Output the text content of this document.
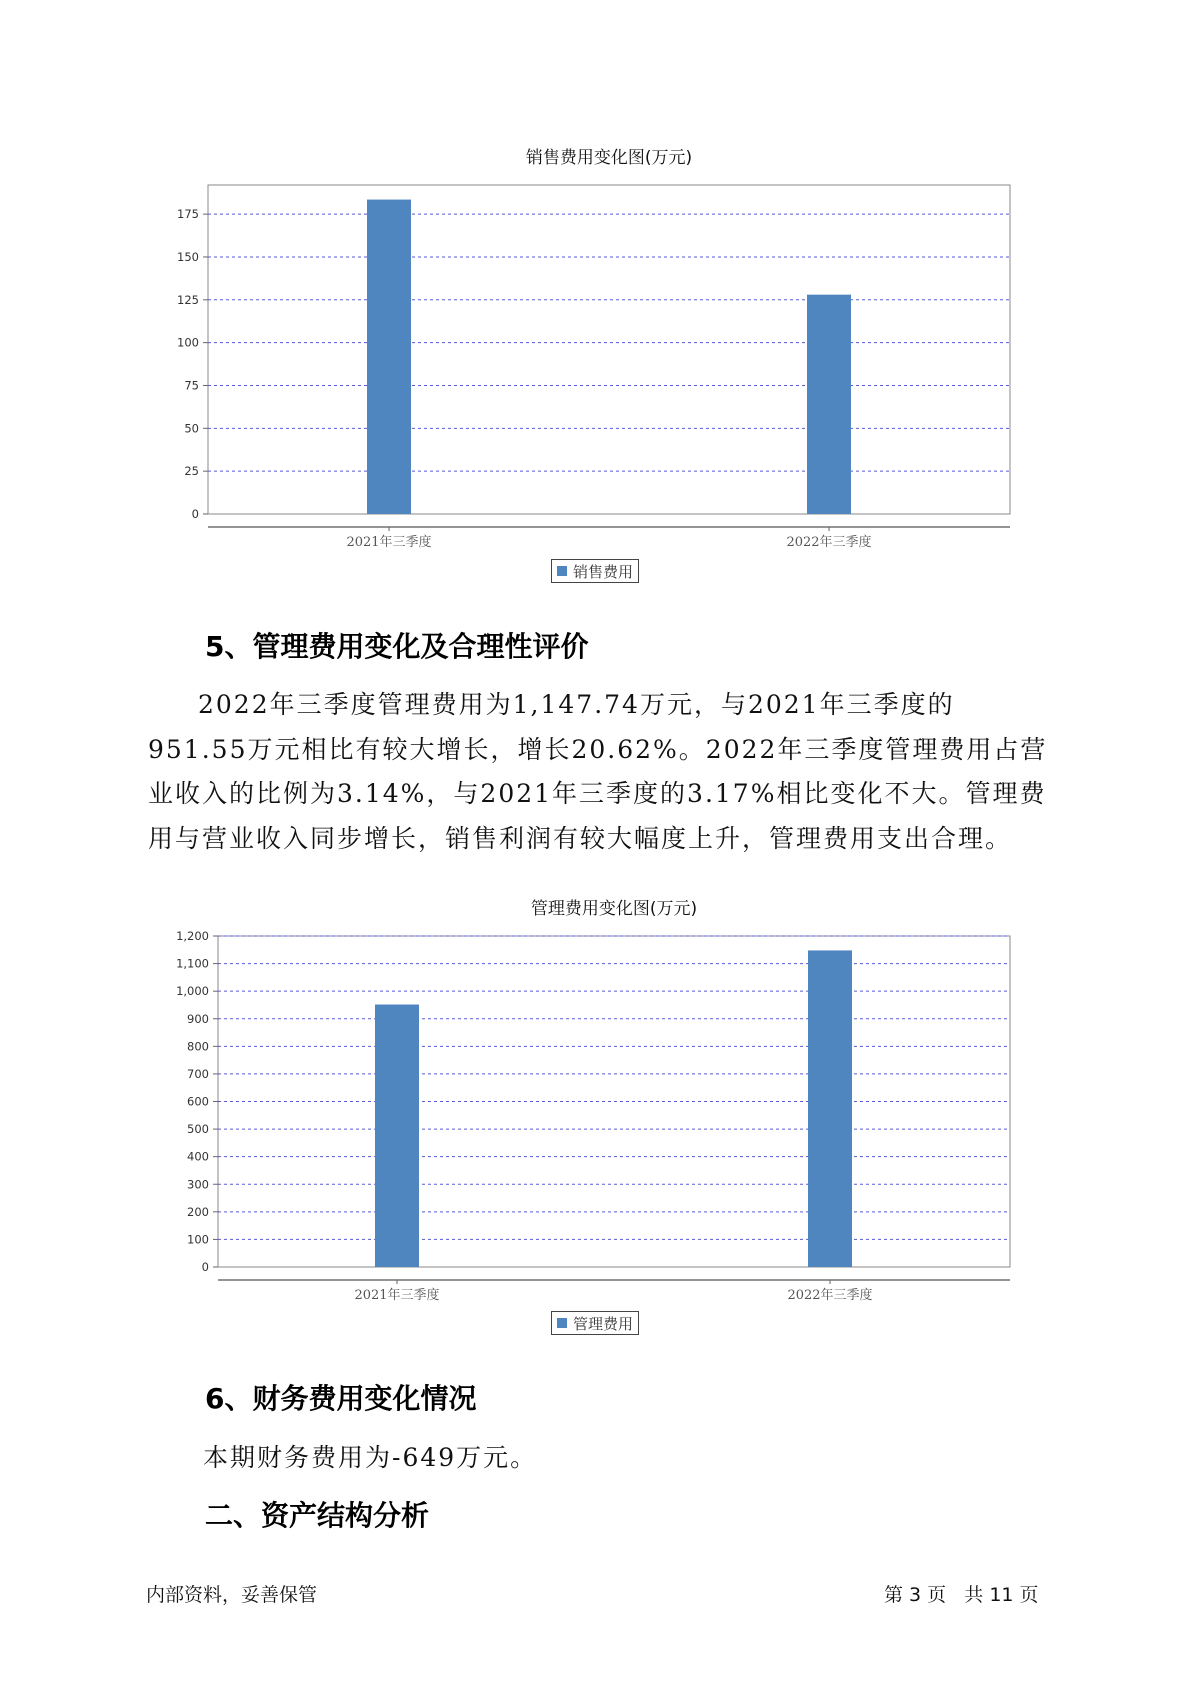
销售费用变化图(万元)
0
25
50
75
100
125
150
175
2021年三季度	2022年三季度
销售费用
5、管理费用变化及合理性评价

2022年三季度管理费用为1,147.74万元，与2021年三季度的951.55万元相比有较大增长，增长20.62%。2022年三季度管理费用占营业收入的比例为3.14%，与2021年三季度的3.17%相比变化不大。管理费用与营业收入同步增长，销售利润有较大幅度上升，管理费用支出合理。

管理费用变化图(万元)
0
100
200
300
400
500
600
700
800
900
1,000
1,100
1,200
2021年三季度	2022年三季度
管理费用
6、财务费用变化情况

本期财务费用为-649万元。

二、资产结构分析
内部资料，妥善保管	第 3 页   共 11 页
